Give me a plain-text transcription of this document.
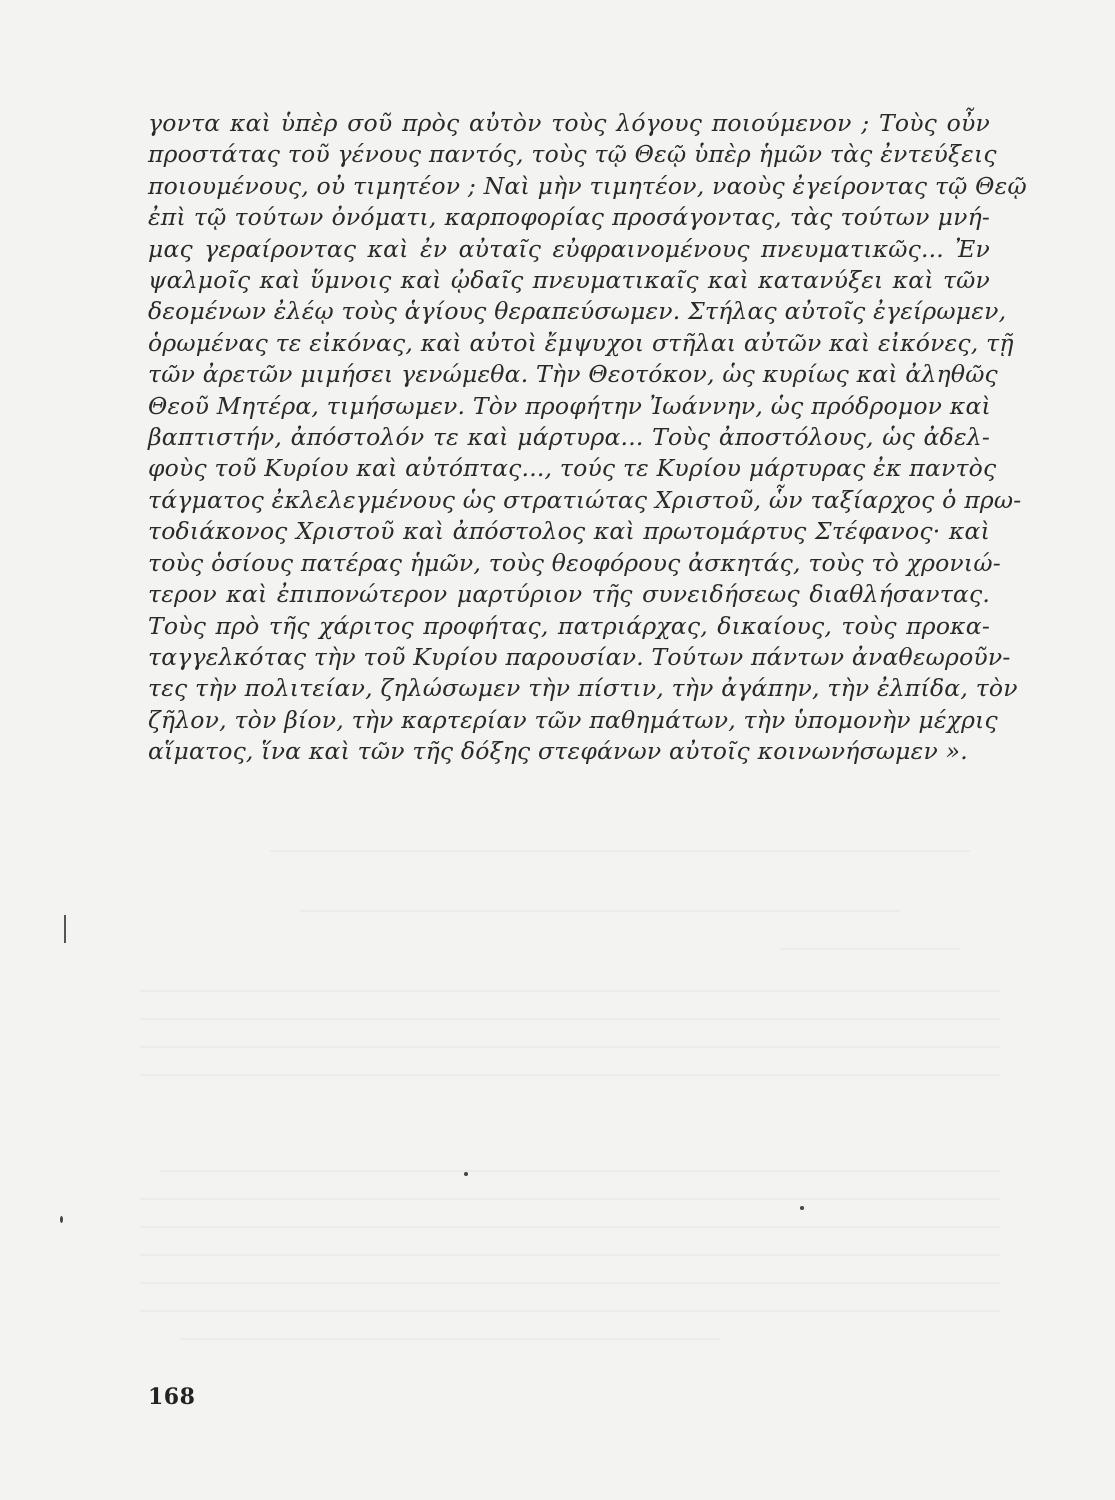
γοντα καὶ ὑπὲρ σοῦ πρὸς αὐτὸν τοὺς λόγους ποιούμενον ; Τοὺς οὖν
προστάτας τοῦ γένους παντός, τοὺς τῷ Θεῷ ὑπὲρ ἡμῶν τὰς ἐντεύξεις
ποιουμένους, οὐ τιμητέον ; Ναὶ μὴν τιμητέον, ναοὺς ἐγείροντας τῷ Θεῷ
ἐπὶ τῷ τούτων ὀνόματι, καρποφορίας προσάγοντας, τὰς τούτων μνή-
μας γεραίροντας καὶ ἐν αὐταῖς εὐφραινομένους πνευματικῶς... Ἐν
ψαλμοῖς καὶ ὕμνοις καὶ ᾠδαῖς πνευματικαῖς καὶ κατανύξει καὶ τῶν
δεομένων ἐλέῳ τοὺς ἁγίους θεραπεύσωμεν. Στήλας αὐτοῖς ἐγείρωμεν,
ὁρωμένας τε εἰκόνας, καὶ αὐτοὶ ἔμψυχοι στῆλαι αὐτῶν καὶ εἰκόνες, τῇ
τῶν ἀρετῶν μιμήσει γενώμεθα. Τὴν Θεοτόκον, ὡς κυρίως καὶ ἀληθῶς
Θεοῦ Μητέρα, τιμήσωμεν. Τὸν προφήτην Ἰωάννην, ὡς πρόδρομον καὶ
βαπτιστήν, ἀπόστολόν τε καὶ μάρτυρα... Τοὺς ἀποστόλους, ὡς ἀδελ-
φοὺς τοῦ Κυρίου καὶ αὐτόπτας..., τούς τε Κυρίου μάρτυρας ἐκ παντὸς
τάγματος ἐκλελεγμένους ὡς στρατιώτας Χριστοῦ, ὧν ταξίαρχος ὁ πρω-
τοδιάκονος Χριστοῦ καὶ ἀπόστολος καὶ πρωτομάρτυς Στέφανος· καὶ
τοὺς ὁσίους πατέρας ἡμῶν, τοὺς θεοφόρους ἀσκητάς, τοὺς τὸ χρονιώ-
τερον καὶ ἐπιπονώτερον μαρτύριον τῆς συνειδήσεως διαθλήσαντας.
Τοὺς πρὸ τῆς χάριτος προφήτας, πατριάρχας, δικαίους, τοὺς προκα-
ταγγελκότας τὴν τοῦ Κυρίου παρουσίαν. Τούτων πάντων ἀναθεωροῦν-
τες τὴν πολιτείαν, ζηλώσωμεν τὴν πίστιν, τὴν ἀγάπην, τὴν ἐλπίδα, τὸν
ζῆλον, τὸν βίον, τὴν καρτερίαν τῶν παθημάτων, τὴν ὑπομονὴν μέχρις
αἵματος, ἵνα καὶ τῶν τῆς δόξης στεφάνων αὐτοῖς κοινωνήσωμεν ».
168
